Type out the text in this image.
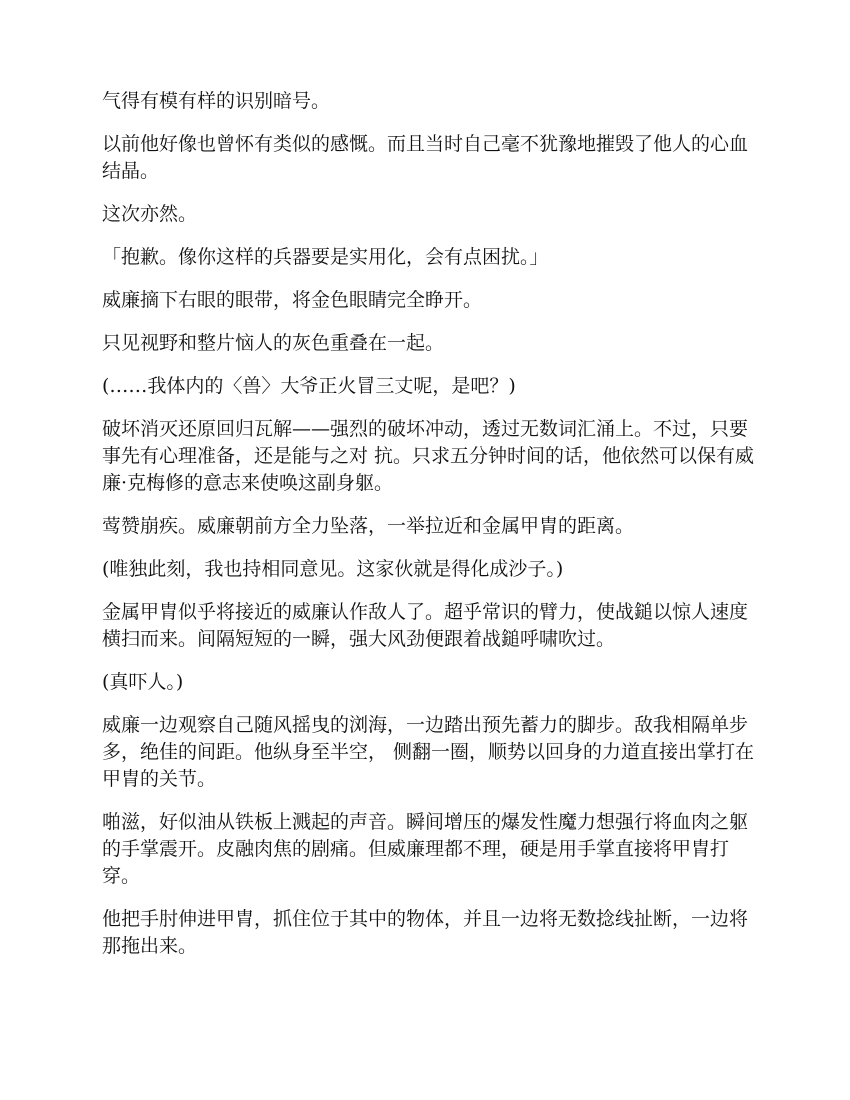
气得有模有样的识别暗号。

以前他好像也曾怀有类似的感慨。而且当时自己毫不犹豫地摧毁了他人的心血结晶。

这次亦然。

「抱歉。像你这样的兵器要是实用化，会有点困扰。」

威廉摘下右眼的眼带，将金色眼睛完全睁开。

只见视野和整片恼人的灰色重叠在一起。

(……我体内的〈兽〉大爷正火冒三丈呢，是吧？)

破坏消灭还原回归瓦解——强烈的破坏冲动，透过无数词汇涌上。不过，只要事先有心理准备，还是能与之对 抗。只求五分钟时间的话，他依然可以保有威廉·克梅修的意志来使唤这副身躯。

莺赞崩疾。威廉朝前方全力坠落，一举拉近和金属甲胄的距离。

(唯独此刻，我也持相同意见。这家伙就是得化成沙子。)

金属甲胄似乎将接近的威廉认作敌人了。超乎常识的臂力，使战鎚以惊人速度横扫而来。间隔短短的一瞬，强大风劲便跟着战鎚呼啸吹过。

(真吓人。)

威廉一边观察自己随风摇曳的浏海，一边踏出预先蓄力的脚步。敌我相隔单步多，绝佳的间距。他纵身至半空， 侧翻一圈，顺势以回身的力道直接出掌打在甲胄的关节。

啪滋，好似油从铁板上溅起的声音。瞬间增压的爆发性魔力想强行将血肉之躯的手掌震开。皮融肉焦的剧痛。但威廉理都不理，硬是用手掌直接将甲胄打穿。

他把手肘伸进甲胄，抓住位于其中的物体，并且一边将无数捻线扯断，一边将那拖出来。
